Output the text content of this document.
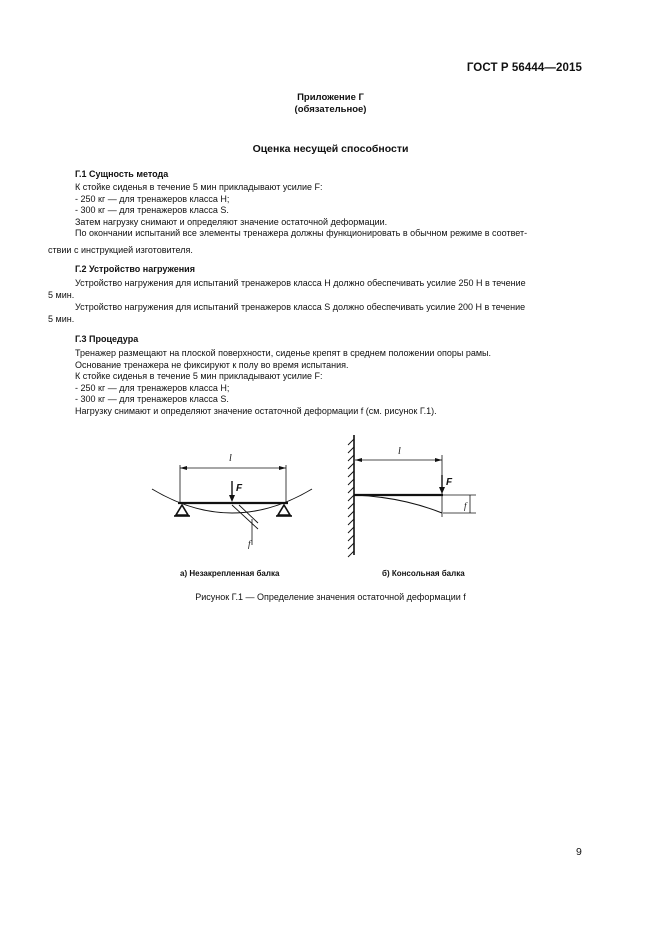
ГОСТ Р 56444—2015
Приложение Г
(обязательное)
Оценка несущей способности
Г.1 Сущность метода
К стойке сиденья в течение 5 мин прикладывают усилие F:
- 250 кг — для тренажеров класса H;
- 300 кг — для тренажеров класса S.
Затем нагрузку снимают и определяют значение остаточной деформации.
По окончании испытаний все элементы тренажера должны функционировать в обычном режиме в соответ-
ствии с инструкцией изготовителя.
Г.2 Устройство нагружения
Устройство нагружения для испытаний тренажеров класса H должно обеспечивать усилие 250 Н в течение
5 мин.
Устройство нагружения для испытаний тренажеров класса S должно обеспечивать усилие 200 Н в течение
5 мин.
Г.3 Процедура
Тренажер размещают на плоской поверхности, сиденье крепят в среднем положении опоры рамы.
Основание тренажера не фиксируют к полу во время испытания.
К стойке сиденья в течение 5 мин прикладывают усилие F:
- 250 кг — для тренажеров класса H;
- 300 кг — для тренажеров класса S.
Нагрузку снимают и определяют значение остаточной деформации f (см. рисунок Г.1).
l
F
f
l
F
f
а) Незакрепленная балка	б) Консольная балка
Рисунок Г.1 — Определение значения остаточной деформации f
9
